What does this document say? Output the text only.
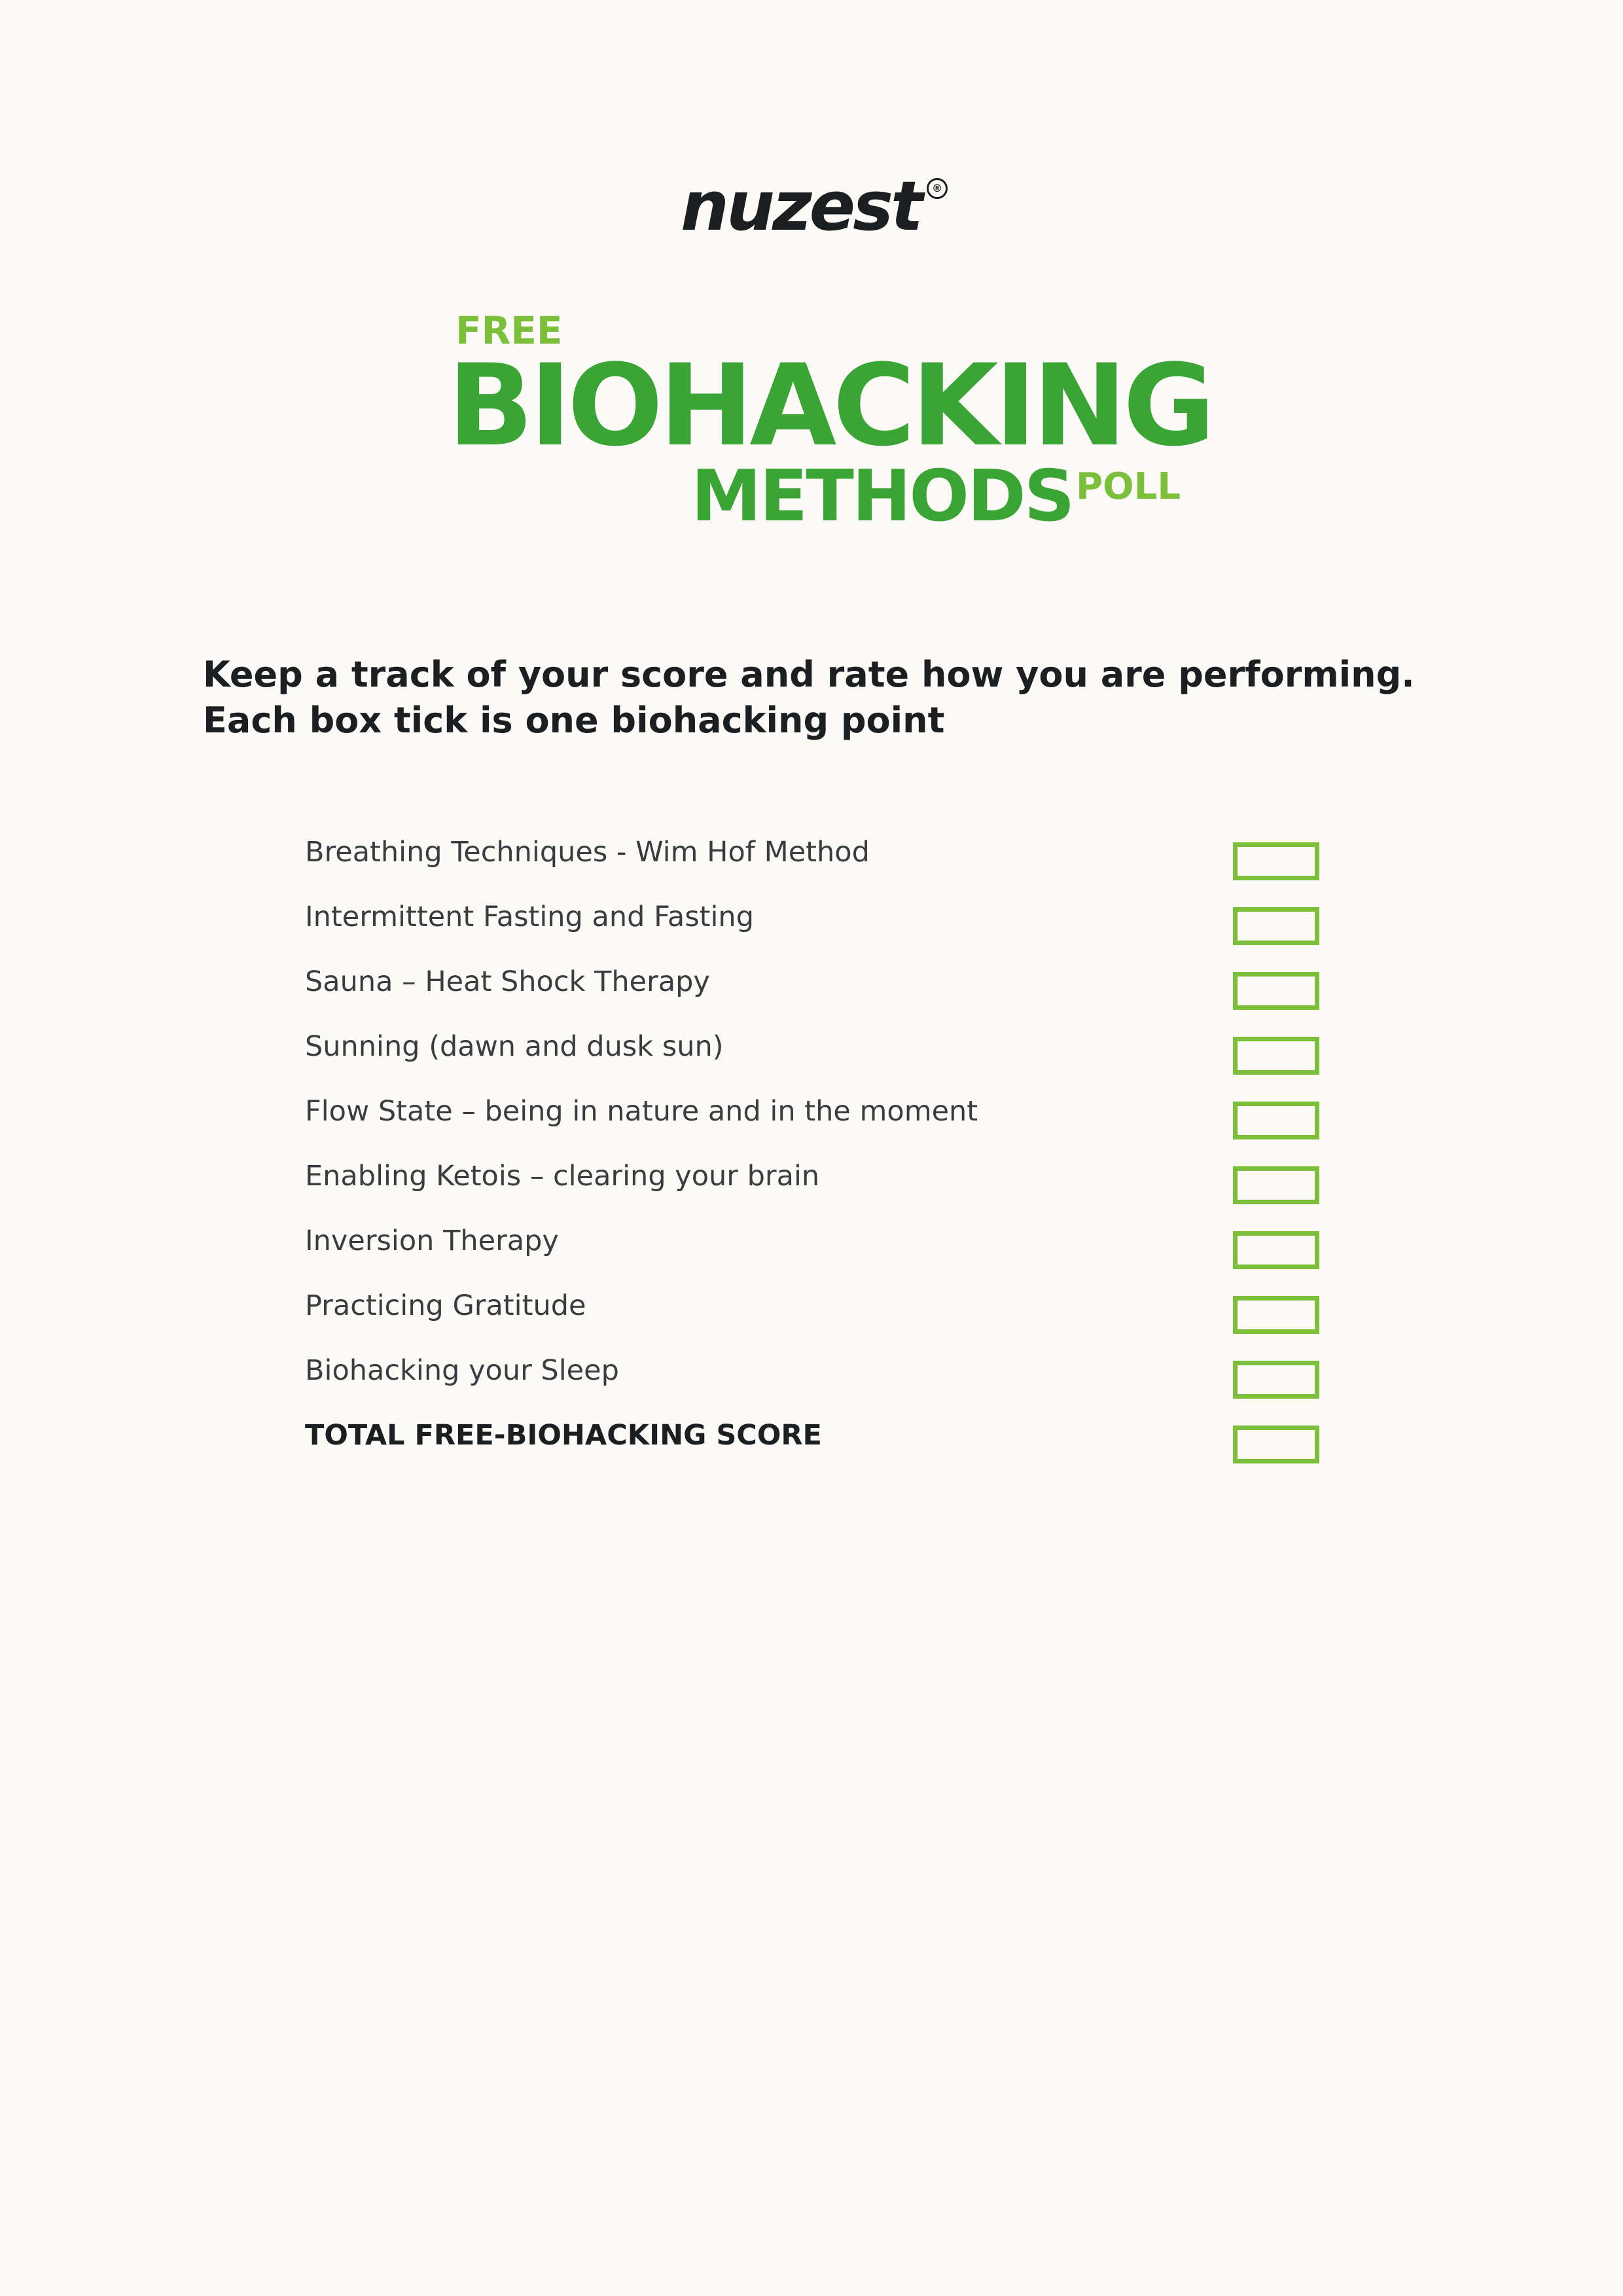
nuzest	®
FREE
BIOHACKING
METHODS POLL

Keep a track of your score and rate how you are performing. Each box tick is one biohacking point

Breathing Techniques - Wim Hof Method
Intermittent Fasting and Fasting
Sauna – Heat Shock Therapy
Sunning (dawn and dusk sun)
Flow State – being in nature and in the moment
Enabling Ketois – clearing your brain
Inversion Therapy
Practicing Gratitude
Biohacking your Sleep
TOTAL FREE-BIOHACKING SCORE
